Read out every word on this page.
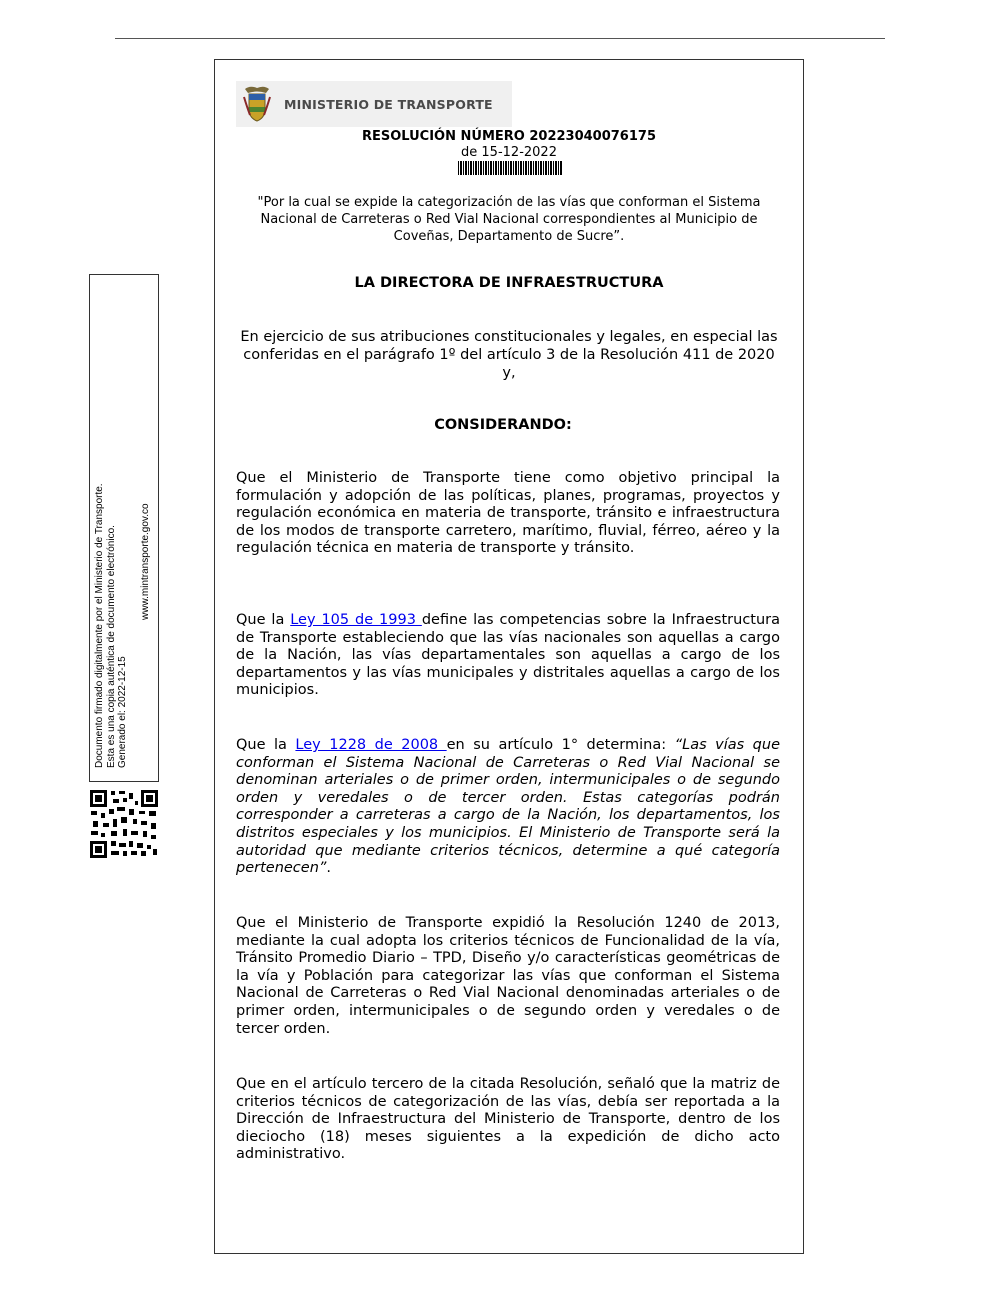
MINISTERIO DE TRANSPORTE
RESOLUCIÓN NÚMERO 20223040076175
de 15-12-2022
"Por la cual se expide la categorización de las vías que conforman el Sistema Nacional de Carreteras o Red Vial Nacional correspondientes al Municipio de Coveñas, Departamento de Sucre”.
LA DIRECTORA DE INFRAESTRUCTURA
En ejercicio de sus atribuciones constitucionales y legales, en especial las conferidas en el parágrafo 1º del artículo 3 de la Resolución 411 de 2020 y,
CONSIDERANDO:

Que el Ministerio de Transporte tiene como objetivo principal la formulación y adopción de las políticas, planes, programas, proyectos y regulación económica en materia de transporte, tránsito e infraestructura de los modos de transporte carretero, marítimo, fluvial, férreo, aéreo y la regulación técnica en materia de transporte y tránsito.

Que la Ley 105 de 1993 define las competencias sobre la Infraestructura de Transporte estableciendo que las vías nacionales son aquellas a cargo de la Nación, las vías departamentales son aquellas a cargo de los departamentos y las vías municipales y distritales aquellas a cargo de los municipios.

Que la Ley 1228 de 2008 en su artículo 1° determina: “Las vías que conforman el Sistema Nacional de Carreteras o Red Vial Nacional se denominan arteriales o de primer orden, intermunicipales o de segundo orden y veredales o de tercer orden. Estas categorías podrán corresponder a carreteras a cargo de la Nación, los departamentos, los distritos especiales y los municipios. El Ministerio de Transporte será la autoridad que mediante criterios técnicos, determine a qué categoría pertenecen”.

Que el Ministerio de Transporte expidió la Resolución 1240 de 2013, mediante la cual adopta los criterios técnicos de Funcionalidad de la vía, Tránsito Promedio Diario – TPD, Diseño y/o características geométricas de la vía y Población para categorizar las vías que conforman el Sistema Nacional de Carreteras o Red Vial Nacional denominadas arteriales o de primer orden, intermunicipales o de segundo orden y veredales o de tercer orden.

Que en el artículo tercero de la citada Resolución, señaló que la matriz de criterios técnicos de categorización de las vías, debía ser reportada a la Dirección de Infraestructura del Ministerio de Transporte, dentro de los dieciocho (18) meses siguientes a la expedición de dicho acto administrativo.

Documento firmado digitalmente por el Ministerio de Transporte. Esta es una copia auténtica de documento electrónico. Generado el: 2022-12-15
www.mintransporte.gov.co
